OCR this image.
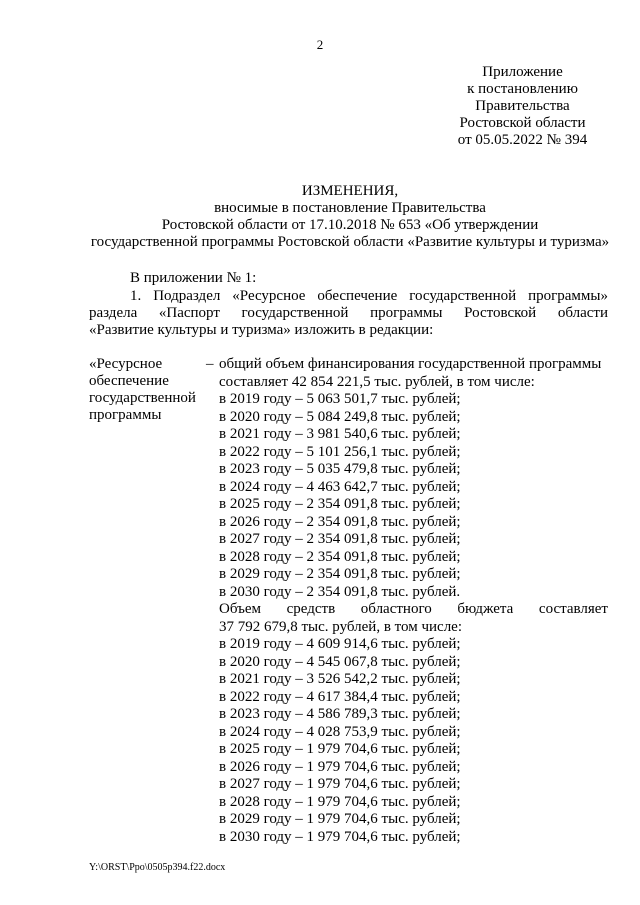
2
Приложение
к постановлению
Правительства
Ростовской области
от 05.05.2022 № 394
ИЗМЕНЕНИЯ,
вносимые в постановление Правительства
Ростовской области от 17.10.2018 № 653 «Об утверждении
государственной программы Ростовской области «Развитие культуры и туризма»
В приложении № 1:
1. Подраздел «Ресурсное обеспечение государственной программы»
раздела «Паспорт государственной программы Ростовской области
«Развитие культуры и туризма» изложить в редакции:
«Ресурсное
обеспечение
государственной
программы
– общий объем финансирования государственной программы
составляет 42 854 221,5 тыс. рублей, в том числе:
в 2019 году – 5 063 501,7 тыс. рублей;
в 2020 году – 5 084 249,8 тыс. рублей;
в 2021 году – 3 981 540,6 тыс. рублей;
в 2022 году – 5 101 256,1 тыс. рублей;
в 2023 году – 5 035 479,8 тыс. рублей;
в 2024 году – 4 463 642,7 тыс. рублей;
в 2025 году – 2 354 091,8 тыс. рублей;
в 2026 году – 2 354 091,8 тыс. рублей;
в 2027 году – 2 354 091,8 тыс. рублей;
в 2028 году – 2 354 091,8 тыс. рублей;
в 2029 году – 2 354 091,8 тыс. рублей;
в 2030 году – 2 354 091,8 тыс. рублей.
Объем средств областного бюджета составляет
37 792 679,8 тыс. рублей, в том числе:
в 2019 году – 4 609 914,6 тыс. рублей;
в 2020 году – 4 545 067,8 тыс. рублей;
в 2021 году – 3 526 542,2 тыс. рублей;
в 2022 году – 4 617 384,4 тыс. рублей;
в 2023 году – 4 586 789,3 тыс. рублей;
в 2024 году – 4 028 753,9 тыс. рублей;
в 2025 году – 1 979 704,6 тыс. рублей;
в 2026 году – 1 979 704,6 тыс. рублей;
в 2027 году – 1 979 704,6 тыс. рублей;
в 2028 году – 1 979 704,6 тыс. рублей;
в 2029 году – 1 979 704,6 тыс. рублей;
в 2030 году – 1 979 704,6 тыс. рублей;
Y:\ORST\Ppo\0505p394.f22.docx
